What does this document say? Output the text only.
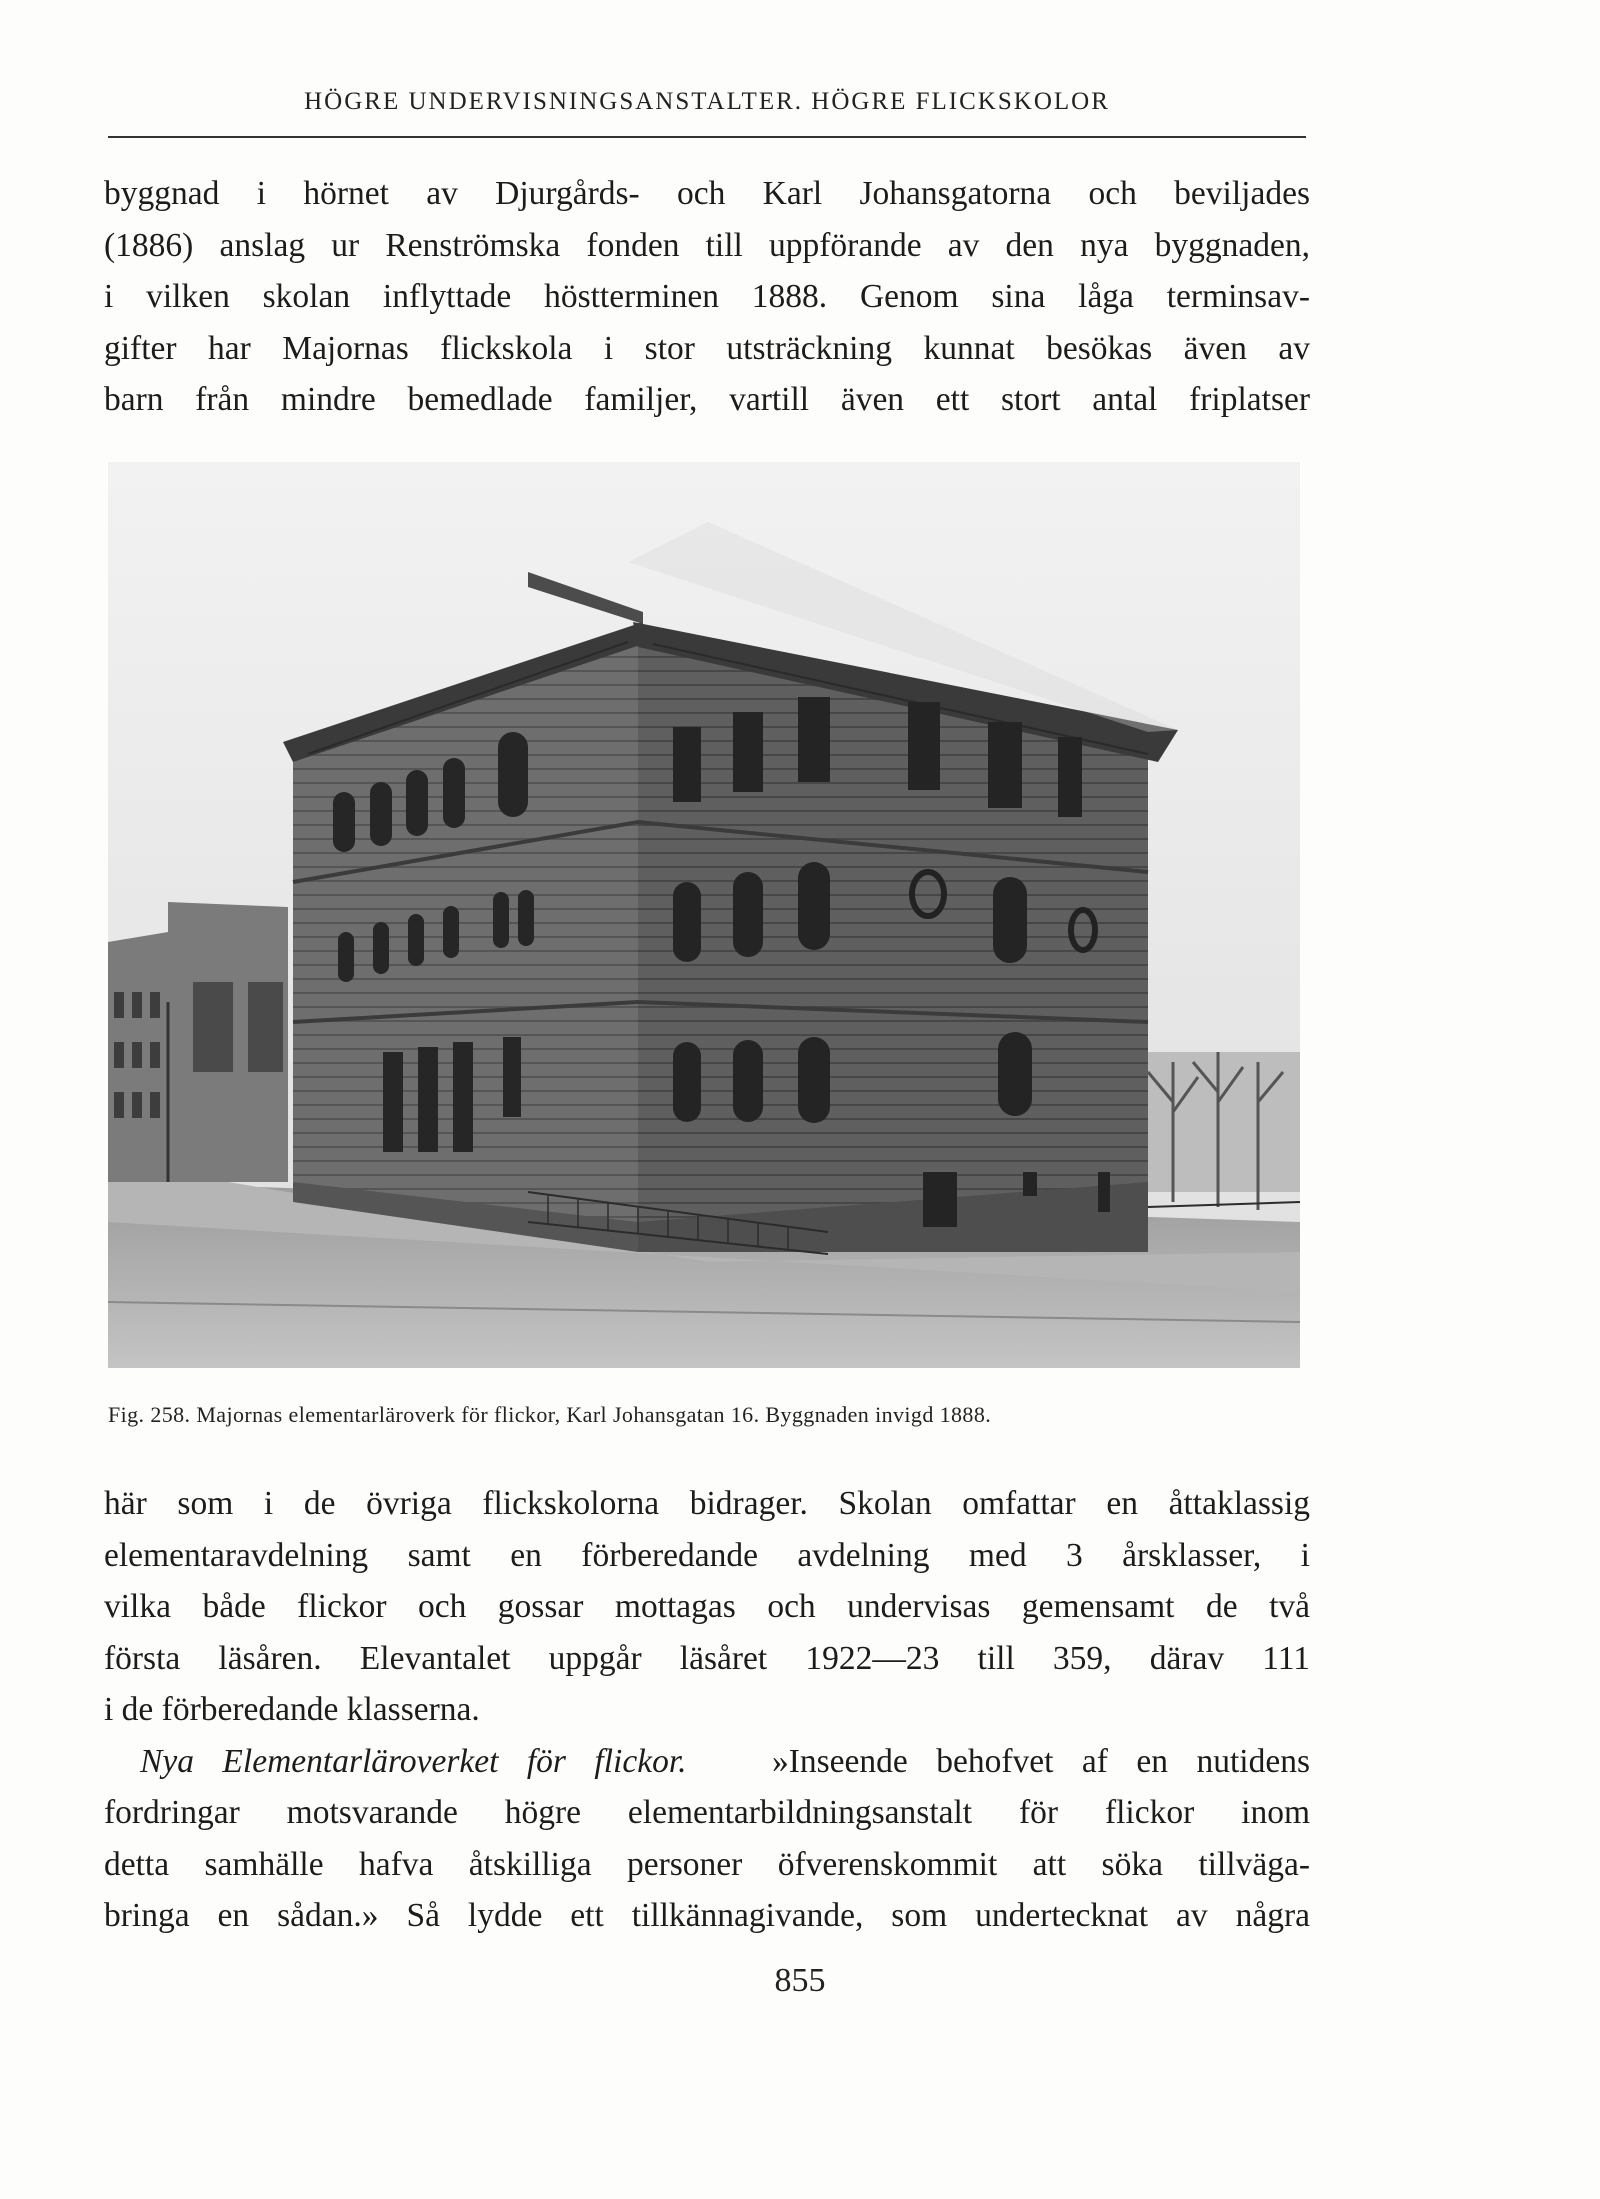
HÖGRE UNDERVISNINGSANSTALTER. HÖGRE FLICKSKOLOR
byggnad i hörnet av Djurgårds- och Karl Johansgatorna och beviljades
(1886) anslag ur Renströmska fonden till uppförande av den nya byggnaden,
i vilken skolan inflyttade höstterminen 1888. Genom sina låga terminsav-
gifter har Majornas flickskola i stor utsträckning kunnat besökas även av
barn från mindre bemedlade familjer, vartill även ett stort antal friplatser
Fig. 258. Majornas elementarläroverk för flickor, Karl Johansgatan 16. Byggnaden invigd 1888.
här som i de övriga flickskolorna bidrager. Skolan omfattar en åttaklassig
elementaravdelning samt en förberedande avdelning med 3 årsklasser, i
vilka både flickor och gossar mottagas och undervisas gemensamt de två
första läsåren. Elevantalet uppgår läsåret 1922—23 till 359, därav 111
i de förberedande klasserna.
Nya Elementarläroverket för flickor.	»Inseende behofvet af en nutidens
fordringar motsvarande högre elementarbildningsanstalt för flickor inom
detta samhälle hafva åtskilliga personer öfverenskommit att söka tillväga-
bringa en sådan.» Så lydde ett tillkännagivande, som undertecknat av några
855
